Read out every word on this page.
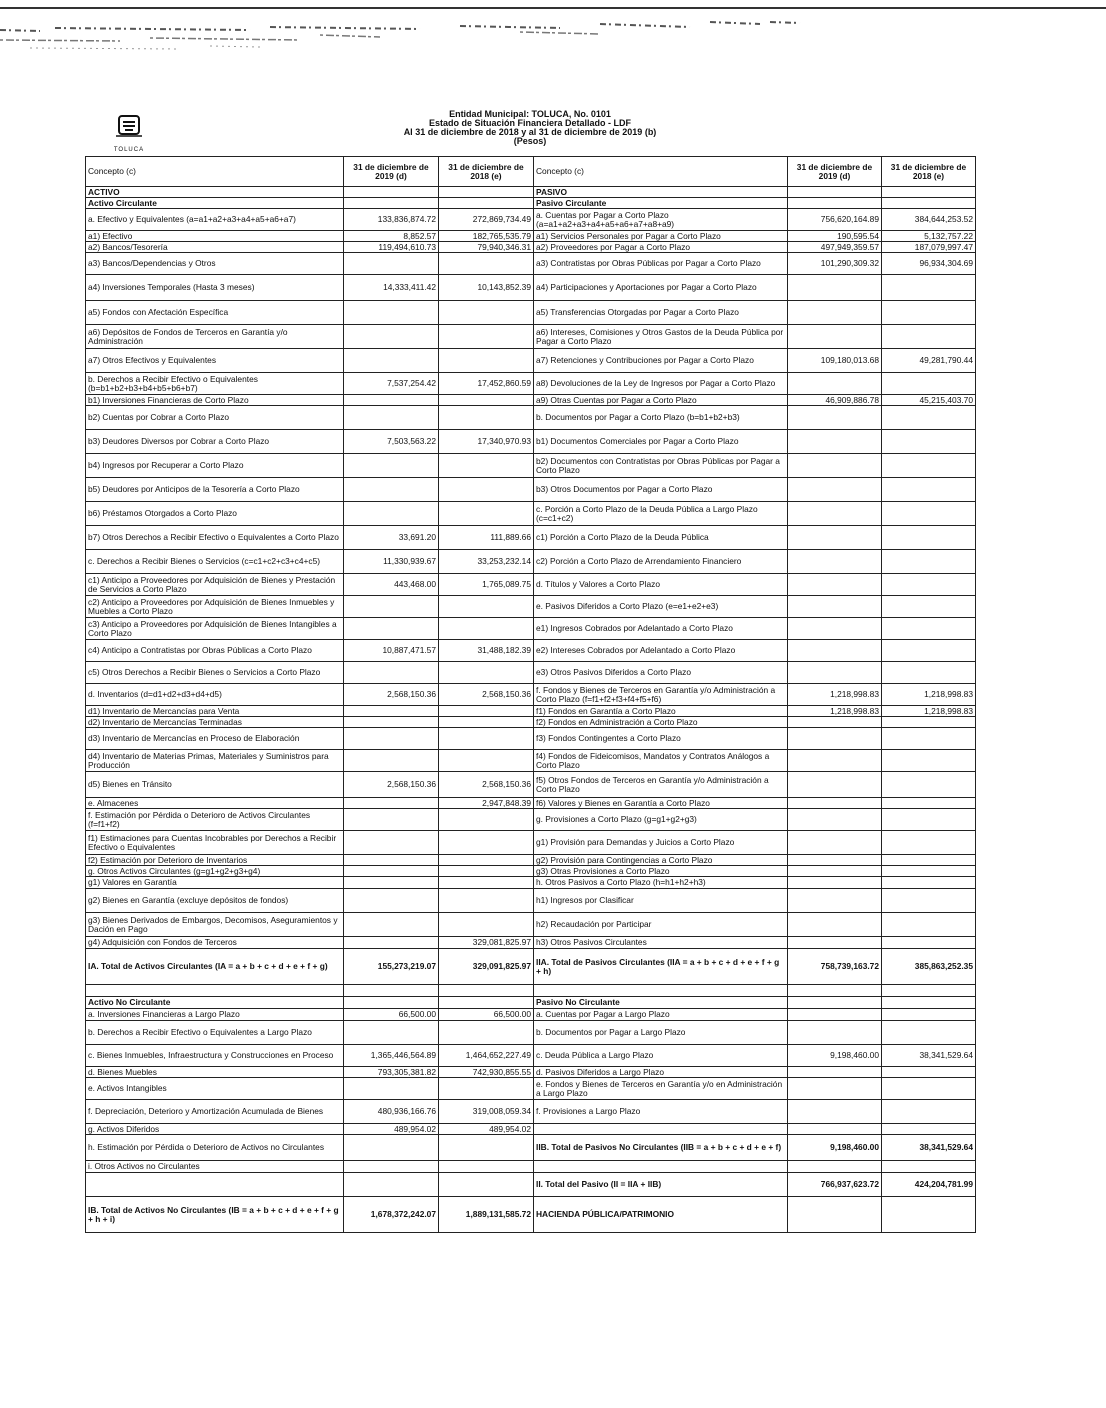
TOLUCA
Entidad Municipal: TOLUCA, No. 0101
Estado de Situación Financiera Detallado - LDF
Al 31 de diciembre de 2018 y al 31 de diciembre de 2019 (b)
(Pesos)
Concepto (c)	31 de diciembre de 2019 (d)	31 de diciembre de 2018 (e)	Concepto (c)	31 de diciembre de 2019 (d)	31 de diciembre de 2018 (e)
ACTIVO			PASIVO		
Activo Circulante			Pasivo Circulante		
a. Efectivo y Equivalentes (a=a1+a2+a3+a4+a5+a6+a7)	133,836,874.72	272,869,734.49	a. Cuentas por Pagar a Corto Plazo (a=a1+a2+a3+a4+a5+a6+a7+a8+a9)	756,620,164.89	384,644,253.52
a1) Efectivo	8,852.57	182,765,535.79	a1) Servicios Personales por Pagar a Corto Plazo	190,595.54	5,132,757.22
a2) Bancos/Tesorería	119,494,610.73	79,940,346.31	a2) Proveedores por Pagar a Corto Plazo	497,949,359.57	187,079,997.47
a3) Bancos/Dependencias y Otros			a3) Contratistas por Obras Públicas por Pagar a Corto Plazo	101,290,309.32	96,934,304.69
a4) Inversiones Temporales (Hasta 3 meses)	14,333,411.42	10,143,852.39	a4) Participaciones y Aportaciones por Pagar a Corto Plazo		
a5) Fondos con Afectación Específica			a5) Transferencias Otorgadas por Pagar a Corto Plazo		
a6) Depósitos de Fondos de Terceros en Garantía y/o Administración			a6) Intereses, Comisiones y Otros Gastos de la Deuda Pública por Pagar a Corto Plazo		
a7) Otros Efectivos y Equivalentes			a7) Retenciones y Contribuciones por Pagar a Corto Plazo	109,180,013.68	49,281,790.44
b. Derechos a Recibir Efectivo o Equivalentes (b=b1+b2+b3+b4+b5+b6+b7)	7,537,254.42	17,452,860.59	a8) Devoluciones de la Ley de Ingresos por Pagar a Corto Plazo		
b1) Inversiones Financieras de Corto Plazo			a9) Otras Cuentas por Pagar a Corto Plazo	46,909,886.78	45,215,403.70
b2) Cuentas por Cobrar a Corto Plazo			b. Documentos por Pagar a Corto Plazo (b=b1+b2+b3)		
b3) Deudores Diversos por Cobrar a Corto Plazo	7,503,563.22	17,340,970.93	b1) Documentos Comerciales por Pagar a Corto Plazo		
b4) Ingresos por Recuperar a Corto Plazo			b2) Documentos con Contratistas por Obras Públicas por Pagar a Corto Plazo		
b5) Deudores por Anticipos de la Tesorería a Corto Plazo			b3) Otros Documentos por Pagar a Corto Plazo		
b6) Préstamos Otorgados a Corto Plazo			c. Porción a Corto Plazo de la Deuda Pública a Largo Plazo (c=c1+c2)		
b7) Otros Derechos a Recibir Efectivo o Equivalentes a Corto Plazo	33,691.20	111,889.66	c1) Porción a Corto Plazo de la Deuda Pública		
c. Derechos a Recibir Bienes o Servicios (c=c1+c2+c3+c4+c5)	11,330,939.67	33,253,232.14	c2) Porción a Corto Plazo de Arrendamiento Financiero		
c1) Anticipo a Proveedores por Adquisición de Bienes y Prestación de Servicios a Corto Plazo	443,468.00	1,765,089.75	d. Títulos y Valores a Corto Plazo		
c2) Anticipo a Proveedores por Adquisición de Bienes Inmuebles y Muebles a Corto Plazo			e. Pasivos Diferidos a Corto Plazo (e=e1+e2+e3)		
c3) Anticipo a Proveedores por Adquisición de Bienes Intangibles a Corto Plazo			e1) Ingresos Cobrados por Adelantado a Corto Plazo		
c4) Anticipo a Contratistas por Obras Públicas a Corto Plazo	10,887,471.57	31,488,182.39	e2) Intereses Cobrados por Adelantado a Corto Plazo		
c5) Otros Derechos a Recibir Bienes o Servicios a Corto Plazo			e3) Otros Pasivos Diferidos a Corto Plazo		
d. Inventarios (d=d1+d2+d3+d4+d5)	2,568,150.36	2,568,150.36	f. Fondos y Bienes de Terceros en Garantía y/o Administración a Corto Plazo (f=f1+f2+f3+f4+f5+f6)	1,218,998.83	1,218,998.83
d1) Inventario de Mercancías para Venta			f1) Fondos en Garantía a Corto Plazo	1,218,998.83	1,218,998.83
d2) Inventario de Mercancías Terminadas			f2) Fondos en Administración a Corto Plazo		
d3) Inventario de Mercancías en Proceso de Elaboración			f3) Fondos Contingentes a Corto Plazo		
d4) Inventario de Materias Primas, Materiales y Suministros para Producción			f4) Fondos de Fideicomisos, Mandatos y Contratos Análogos a Corto Plazo		
d5) Bienes en Tránsito	2,568,150.36	2,568,150.36	f5) Otros Fondos de Terceros en Garantía y/o Administración a Corto Plazo		
e. Almacenes		2,947,848.39	f6) Valores y Bienes en Garantía a Corto Plazo		
f. Estimación por Pérdida o Deterioro de Activos Circulantes (f=f1+f2)			g. Provisiones a Corto Plazo (g=g1+g2+g3)		
f1) Estimaciones para Cuentas Incobrables por Derechos a Recibir Efectivo o Equivalentes			g1) Provisión para Demandas y Juicios a Corto Plazo		
f2) Estimación por Deterioro de Inventarios			g2) Provisión para Contingencias a Corto Plazo		
g. Otros Activos Circulantes (g=g1+g2+g3+g4)			g3) Otras Provisiones a Corto Plazo		
g1) Valores en Garantía			h. Otros Pasivos a Corto Plazo (h=h1+h2+h3)		
g2) Bienes en Garantía (excluye depósitos de fondos)			h1) Ingresos por Clasificar		
g3) Bienes Derivados de Embargos, Decomisos, Aseguramientos y Dación en Pago			h2) Recaudación por Participar		
g4) Adquisición con Fondos de Terceros		329,081,825.97	h3) Otros Pasivos Circulantes		
IA. Total de Activos Circulantes (IA = a + b + c + d + e + f + g)	155,273,219.07	329,091,825.97	IIA. Total de Pasivos Circulantes (IIA = a + b + c + d + e + f + g + h)	758,739,163.72	385,863,252.35

Activo No Circulante			Pasivo No Circulante		
a. Inversiones Financieras a Largo Plazo	66,500.00	66,500.00	a. Cuentas por Pagar a Largo Plazo		
b. Derechos a Recibir Efectivo o Equivalentes a Largo Plazo			b. Documentos por Pagar a Largo Plazo		
c. Bienes Inmuebles, Infraestructura y Construcciones en Proceso	1,365,446,564.89	1,464,652,227.49	c. Deuda Pública a Largo Plazo	9,198,460.00	38,341,529.64
d. Bienes Muebles	793,305,381.82	742,930,855.55	d. Pasivos Diferidos a Largo Plazo		
e. Activos Intangibles			e. Fondos y Bienes de Terceros en Garantía y/o en Administración a Largo Plazo		
f. Depreciación, Deterioro y Amortización Acumulada de Bienes	480,936,166.76	319,008,059.34	f. Provisiones a Largo Plazo		
g. Activos Diferidos	489,954.02	489,954.02			
h. Estimación por Pérdida o Deterioro de Activos no Circulantes			IIB. Total de Pasivos No Circulantes (IIB = a + b + c + d + e + f)	9,198,460.00	38,341,529.64
i. Otros Activos no Circulantes					
			II. Total del Pasivo (II = IIA + IIB)	766,937,623.72	424,204,781.99
IB. Total de Activos No Circulantes (IB = a + b + c + d + e + f + g + h + i)	1,678,372,242.07	1,889,131,585.72	HACIENDA PÚBLICA/PATRIMONIO		
